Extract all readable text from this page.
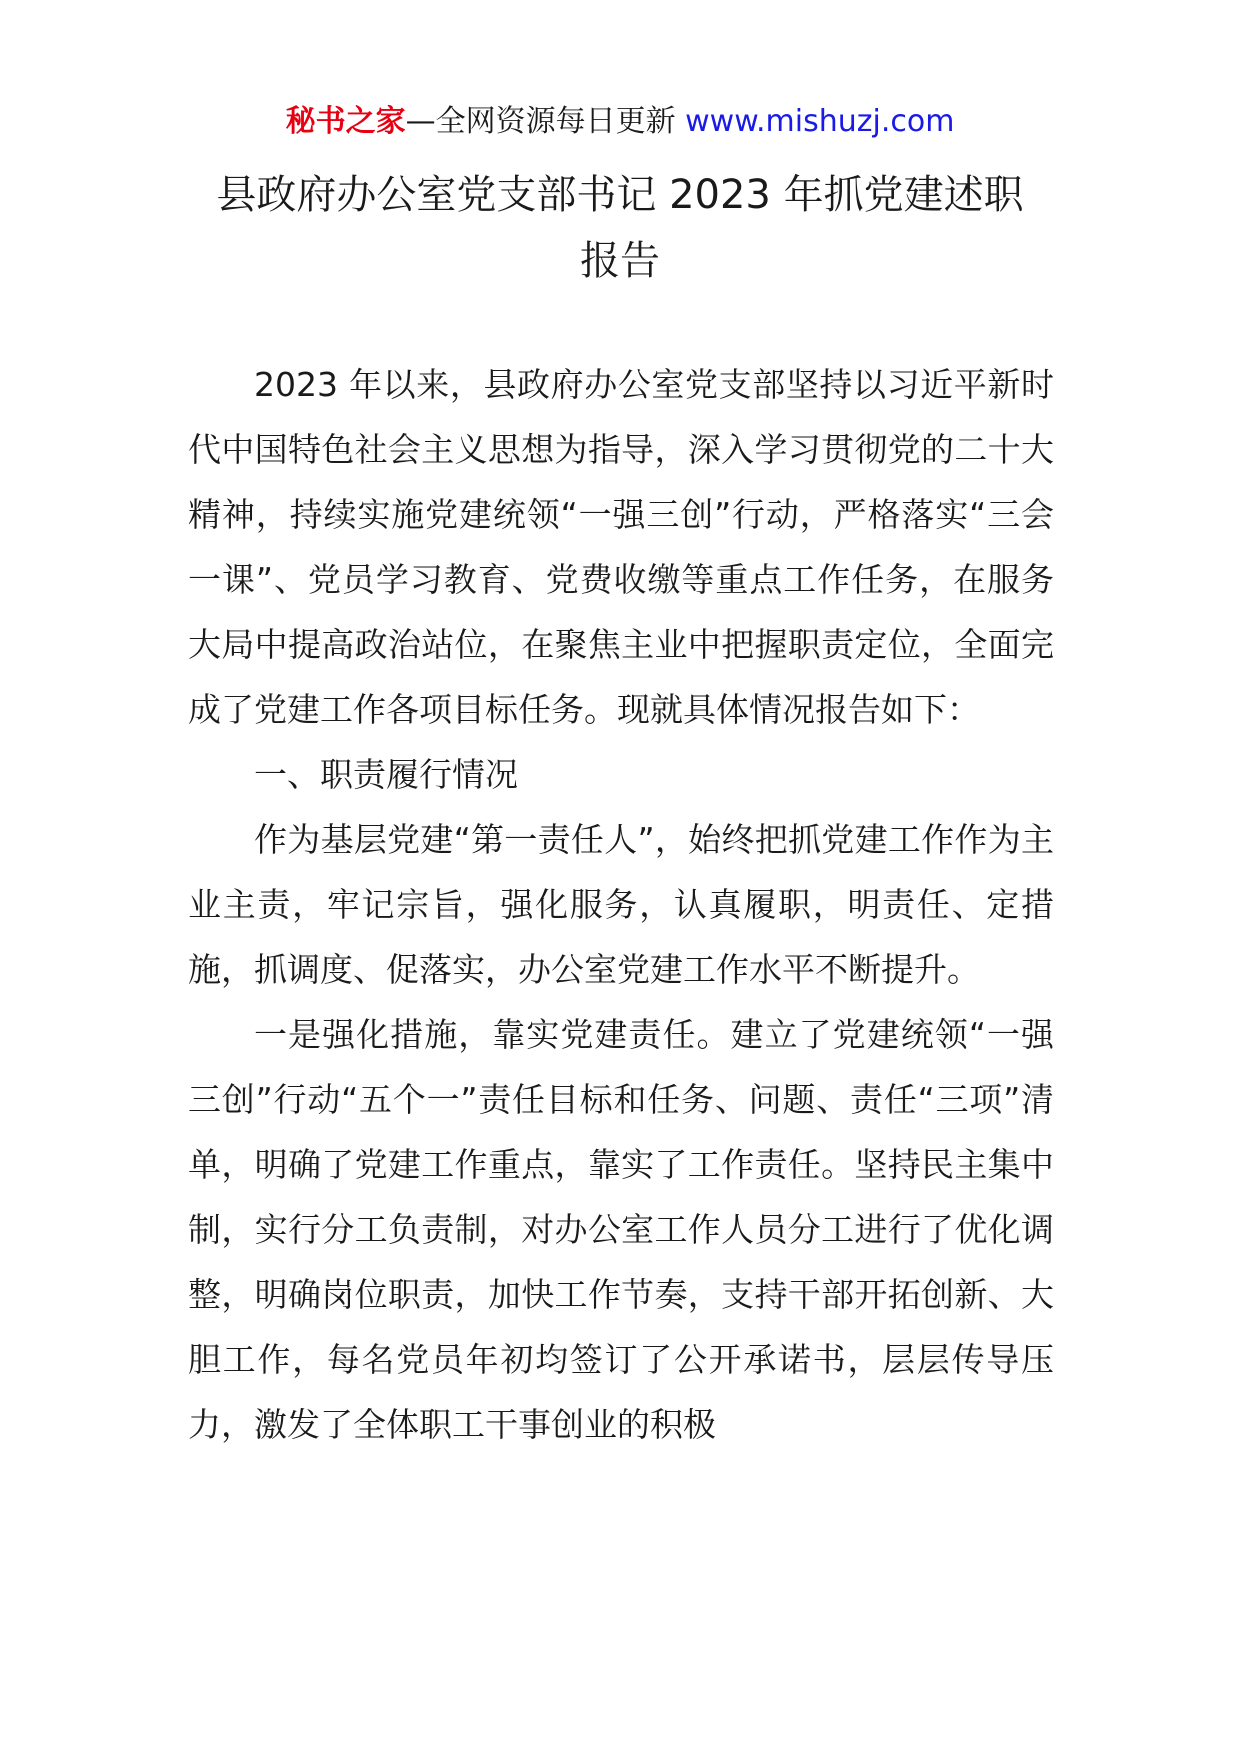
秘书之家—全网资源每日更新 www.mishuzj.com
县政府办公室党支部书记 2023 年抓党建述职
报告

2023 年以来，县政府办公室党支部坚持以习近平新时代中国特色社会主义思想为指导，深入学习贯彻党的二十大精神，持续实施党建统领“一强三创”行动，严格落实“三会一课”、党员学习教育、党费收缴等重点工作任务，在服务大局中提高政治站位，在聚焦主业中把握职责定位，全面完成了党建工作各项目标任务。现就具体情况报告如下：

一、职责履行情况

作为基层党建“第一责任人”，始终把抓党建工作作为主业主责，牢记宗旨，强化服务，认真履职，明责任、定措施，抓调度、促落实，办公室党建工作水平不断提升。

一是强化措施，靠实党建责任。建立了党建统领“一强三创”行动“五个一”责任目标和任务、问题、责任“三项”清单，明确了党建工作重点，靠实了工作责任。坚持民主集中制，实行分工负责制，对办公室工作人员分工进行了优化调整，明确岗位职责，加快工作节奏，支持干部开拓创新、大胆工作，每名党员年初均签订了公开承诺书，层层传导压力，激发了全体职工干事创业的积极
